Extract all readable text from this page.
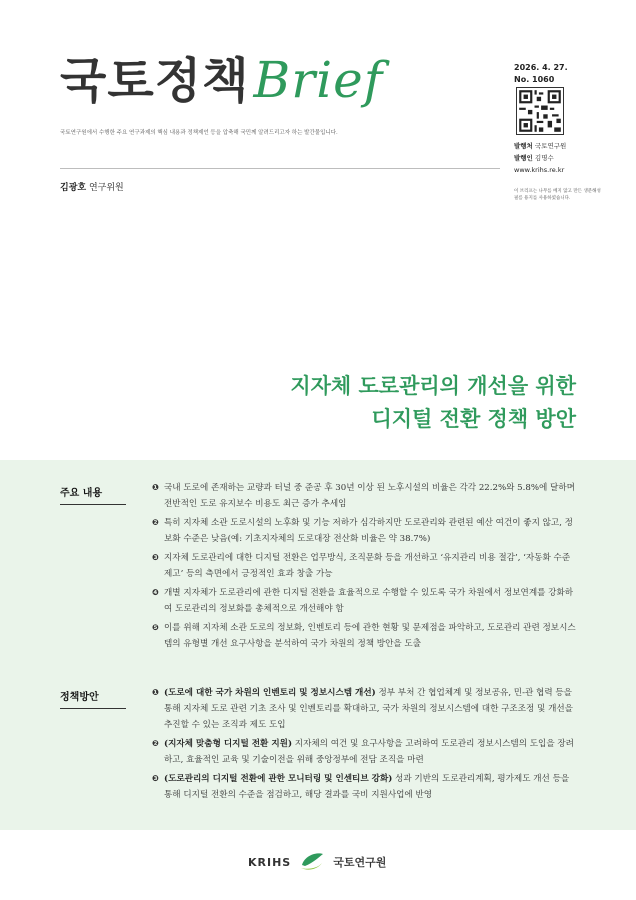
국토정책 Brief
국토연구원에서 수행한 주요 연구과제의 핵심 내용과 정책제언 등을 압축해 국민께 알려드리고자 하는 발간물입니다.
2026. 4. 27.
No. 1060
발행처 국토연구원
발행인 김명수
www.krihs.re.kr
이 브리프는 나무를 베지 않고 만든 생분해성 필름 용지를 사용하였습니다.
김광호 연구위원
지자체 도로관리의 개선을 위한
디지털 전환 정책 방안
주요 내용
❶ 국내 도로에 존재하는 교량과 터널 중 준공 후 30년 이상 된 노후시설의 비율은 각각 22.2%와 5.8%에 달하며 전반적인 도로 유지보수 비용도 최근 증가 추세임
❷ 특히 지자체 소관 도로시설의 노후화 및 기능 저하가 심각하지만 도로관리와 관련된 예산 여건이 좋지 않고, 정보화 수준은 낮음(예: 기초지자체의 도로대장 전산화 비율은 약 38.7%)
❸ 지자체 도로관리에 대한 디지털 전환은 업무방식, 조직문화 등을 개선하고 ‘유지관리 비용 절감’, ‘자동화 수준 제고’ 등의 측면에서 긍정적인 효과 창출 가능
❹ 개별 지자체가 도로관리에 관한 디지털 전환을 효율적으로 수행할 수 있도록 국가 차원에서 정보연계를 강화하여 도로관리의 정보화를 총체적으로 개선해야 함
❺ 이를 위해 지자체 소관 도로의 정보화, 인벤토리 등에 관한 현황 및 문제점을 파악하고, 도로관리 관련 정보시스템의 유형별 개선 요구사항을 분석하여 국가 차원의 정책 방안을 도출
정책방안	❶ (도로에 대한 국가 차원의 인벤토리 및 정보시스템 개선) 정부 부처 간 협업체계 및 정보공유, 민-관 협력 등을 통해 지자체 도로 관련 기초 조사 및 인벤토리를 확대하고, 국가 차원의 정보시스템에 대한 구조조정 및 개선을 추진할 수 있는 조직과 제도 도입
❷ (지자체 맞춤형 디지털 전환 지원) 지자체의 여건 및 요구사항을 고려하여 도로관리 정보시스템의 도입을 장려하고, 효율적인 교육 및 기술이전을 위해 중앙정부에 전담 조직을 마련
❸ (도로관리의 디지털 전환에 관한 모니터링 및 인센티브 강화) 성과 기반의 도로관리계획, 평가제도 개선 등을 통해 디지털 전환의 수준을 점검하고, 해당 결과를 국비 지원사업에 반영
KRIHS	국토연구원
